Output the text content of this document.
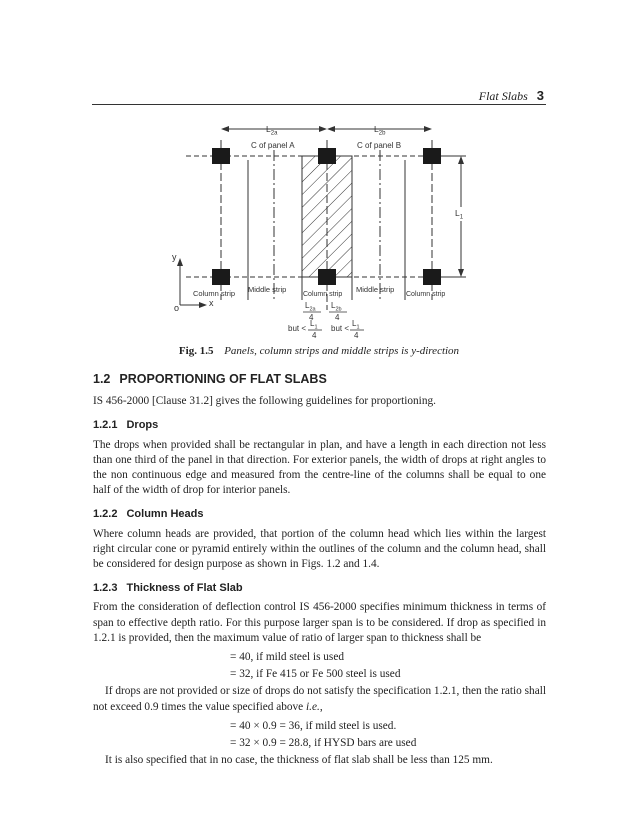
Flat Slabs 3
$L_{2a}$	$L_{2b}$
$L_1$
C of panel A	C of panel B
y
x
o
Column strip Middle strip
Column strip
Middle strip
Column strip
$L_{2a}$
4
$L_{2b}$
4
but <
$L_1$
4
but <
$L_1$
4
Fig. 1.5 Panels, column strips and middle strips is y-direction
1.2 PROPORTIONING OF FLAT SLABS

IS 456-2000 [Clause 31.2] gives the following guidelines for proportioning.

1.2.1 Drops

The drops when provided shall be rectangular in plan, and have a length in each direction not less than one third of the panel in that direction. For exterior panels, the width of drops at right angles to the non continuous edge and measured from the centre-line of the columns shall be equal to one half of the width of drop for interior panels.

1.2.2 Column Heads

Where column heads are provided, that portion of the column head which lies within the largest right circular cone or pyramid entirely within the outlines of the column and the column head, shall be considered for design purpose as shown in Figs. 1.2 and 1.4.

1.2.3 Thickness of Flat Slab

From the consideration of deflection control IS 456-2000 specifies minimum thickness in terms of span to effective depth ratio. For this purpose larger span is to be considered. If drop as specified in 1.2.1 is provided, then the maximum value of ratio of larger span to thickness shall be

= 40, if mild steel is used

= 32, if Fe 415 or Fe 500 steel is used

If drops are not provided or size of drops do not satisfy the specification 1.2.1, then the ratio shall not exceed 0.9 times the value specified above i.e.,

= 40 × 0.9 = 36, if mild steel is used.

= 32 × 0.9 = 28.8, if HYSD bars are used

It is also specified that in no case, the thickness of flat slab shall be less than 125 mm.
